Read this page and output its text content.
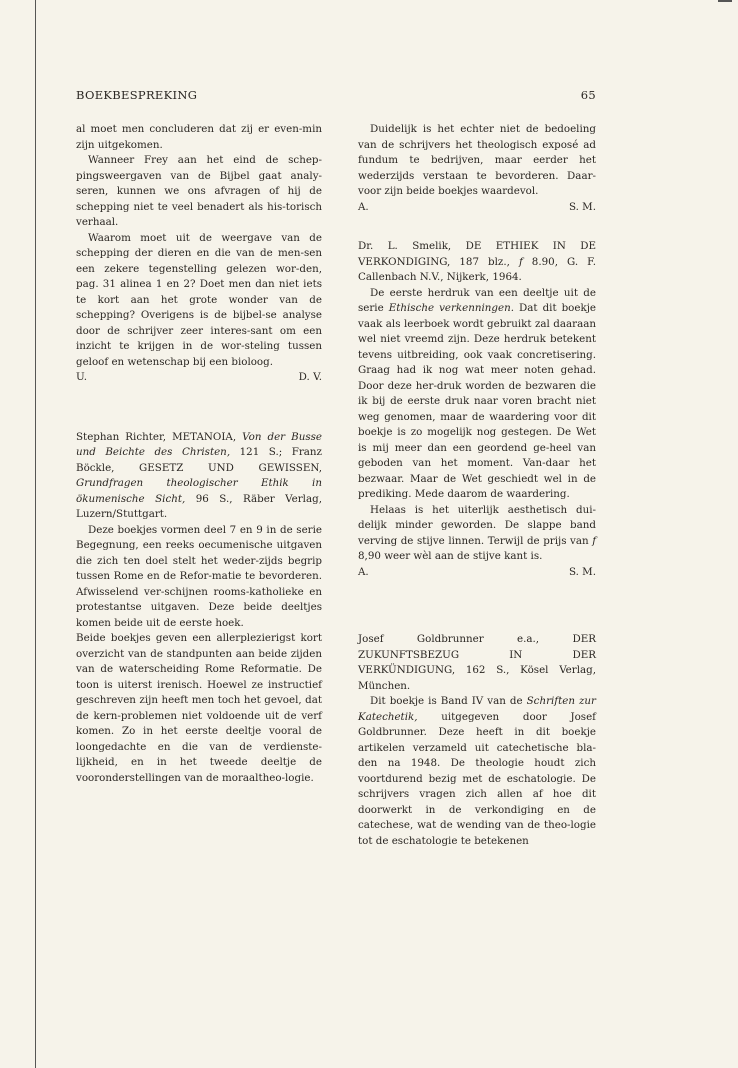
BOEKBESPREKING	65

al moet men concluderen dat zij er even-min zijn uitgekomen.

Wanneer Frey aan het eind de schep-pingsweergaven van de Bijbel gaat analy-seren, kunnen we ons afvragen of hij de schepping niet te veel benadert als his-torisch verhaal.

Waarom moet uit de weergave van de schepping der dieren en die van de men-sen een zekere tegenstelling gelezen wor-den, pag. 31 alinea 1 en 2? Doet men dan niet iets te kort aan het grote wonder van de schepping? Overigens is de bijbel-se analyse door de schrijver zeer interes-sant om een inzicht te krijgen in de wor-steling tussen geloof en wetenschap bij een bioloog.

U.	D. V.

Stephan Richter, METANOIA, Von der Busse und Beichte des Christen, 121 S.; Franz Böckle, GESETZ UND GEWISSEN, Grundfragen theologischer Ethik in ökumenische Sicht, 96 S., Räber Verlag, Luzern/Stuttgart.

Deze boekjes vormen deel 7 en 9 in de serie Begegnung, een reeks oecumenische uitgaven die zich ten doel stelt het weder-zijds begrip tussen Rome en de Refor-matie te bevorderen. Afwisselend ver-schijnen rooms-katholieke en protestantse uitgaven. Deze beide deeltjes komen beide uit de eerste hoek.

Beide boekjes geven een allerplezierigst kort overzicht van de standpunten aan beide zijden van de waterscheiding Rome Reformatie. De toon is uiterst irenisch. Hoewel ze instructief geschreven zijn heeft men toch het gevoel, dat de kern-problemen niet voldoende uit de verf komen. Zo in het eerste deeltje vooral de loongedachte en die van de verdienste-lijkheid, en in het tweede deeltje de vooronderstellingen van de moraaltheo-logie.

Duidelijk is het echter niet de bedoeling van de schrijvers het theologisch exposé ad fundum te bedrijven, maar eerder het wederzijds verstaan te bevorderen. Daar-voor zijn beide boekjes waardevol.

A.	S. M.

Dr. L. Smelik, DE ETHIEK IN DE VERKONDIGING, 187 blz., f 8.90, G. F. Callenbach N.V., Nijkerk, 1964.

De eerste herdruk van een deeltje uit de serie Ethische verkenningen. Dat dit boekje vaak als leerboek wordt gebruikt zal daaraan wel niet vreemd zijn. Deze herdruk betekent tevens uitbreiding, ook vaak concretisering. Graag had ik nog wat meer noten gehad. Door deze her-druk worden de bezwaren die ik bij de eerste druk naar voren bracht niet weg genomen, maar de waardering voor dit boekje is zo mogelijk nog gestegen. De Wet is mij meer dan een geordend ge-heel van geboden van het moment. Van-daar het bezwaar. Maar de Wet geschiedt wel in de prediking. Mede daarom de waardering.

Helaas is het uiterlijk aesthetisch dui-delijk minder geworden. De slappe band verving de stijve linnen. Terwijl de prijs van f 8,90 weer wèl aan de stijve kant is.

A.	S. M.

Josef Goldbrunner e.a., DER ZUKUNFTSBEZUG IN DER VERKÜNDIGUNG, 162 S., Kösel Verlag, München.

Dit boekje is Band IV van de Schriften zur Katechetik, uitgegeven door Josef Goldbrunner. Deze heeft in dit boekje artikelen verzameld uit catechetische bla-den na 1948. De theologie houdt zich voortdurend bezig met de eschatologie. De schrijvers vragen zich allen af hoe dit doorwerkt in de verkondiging en de catechese, wat de wending van de theo-logie tot de eschatologie te betekenen
